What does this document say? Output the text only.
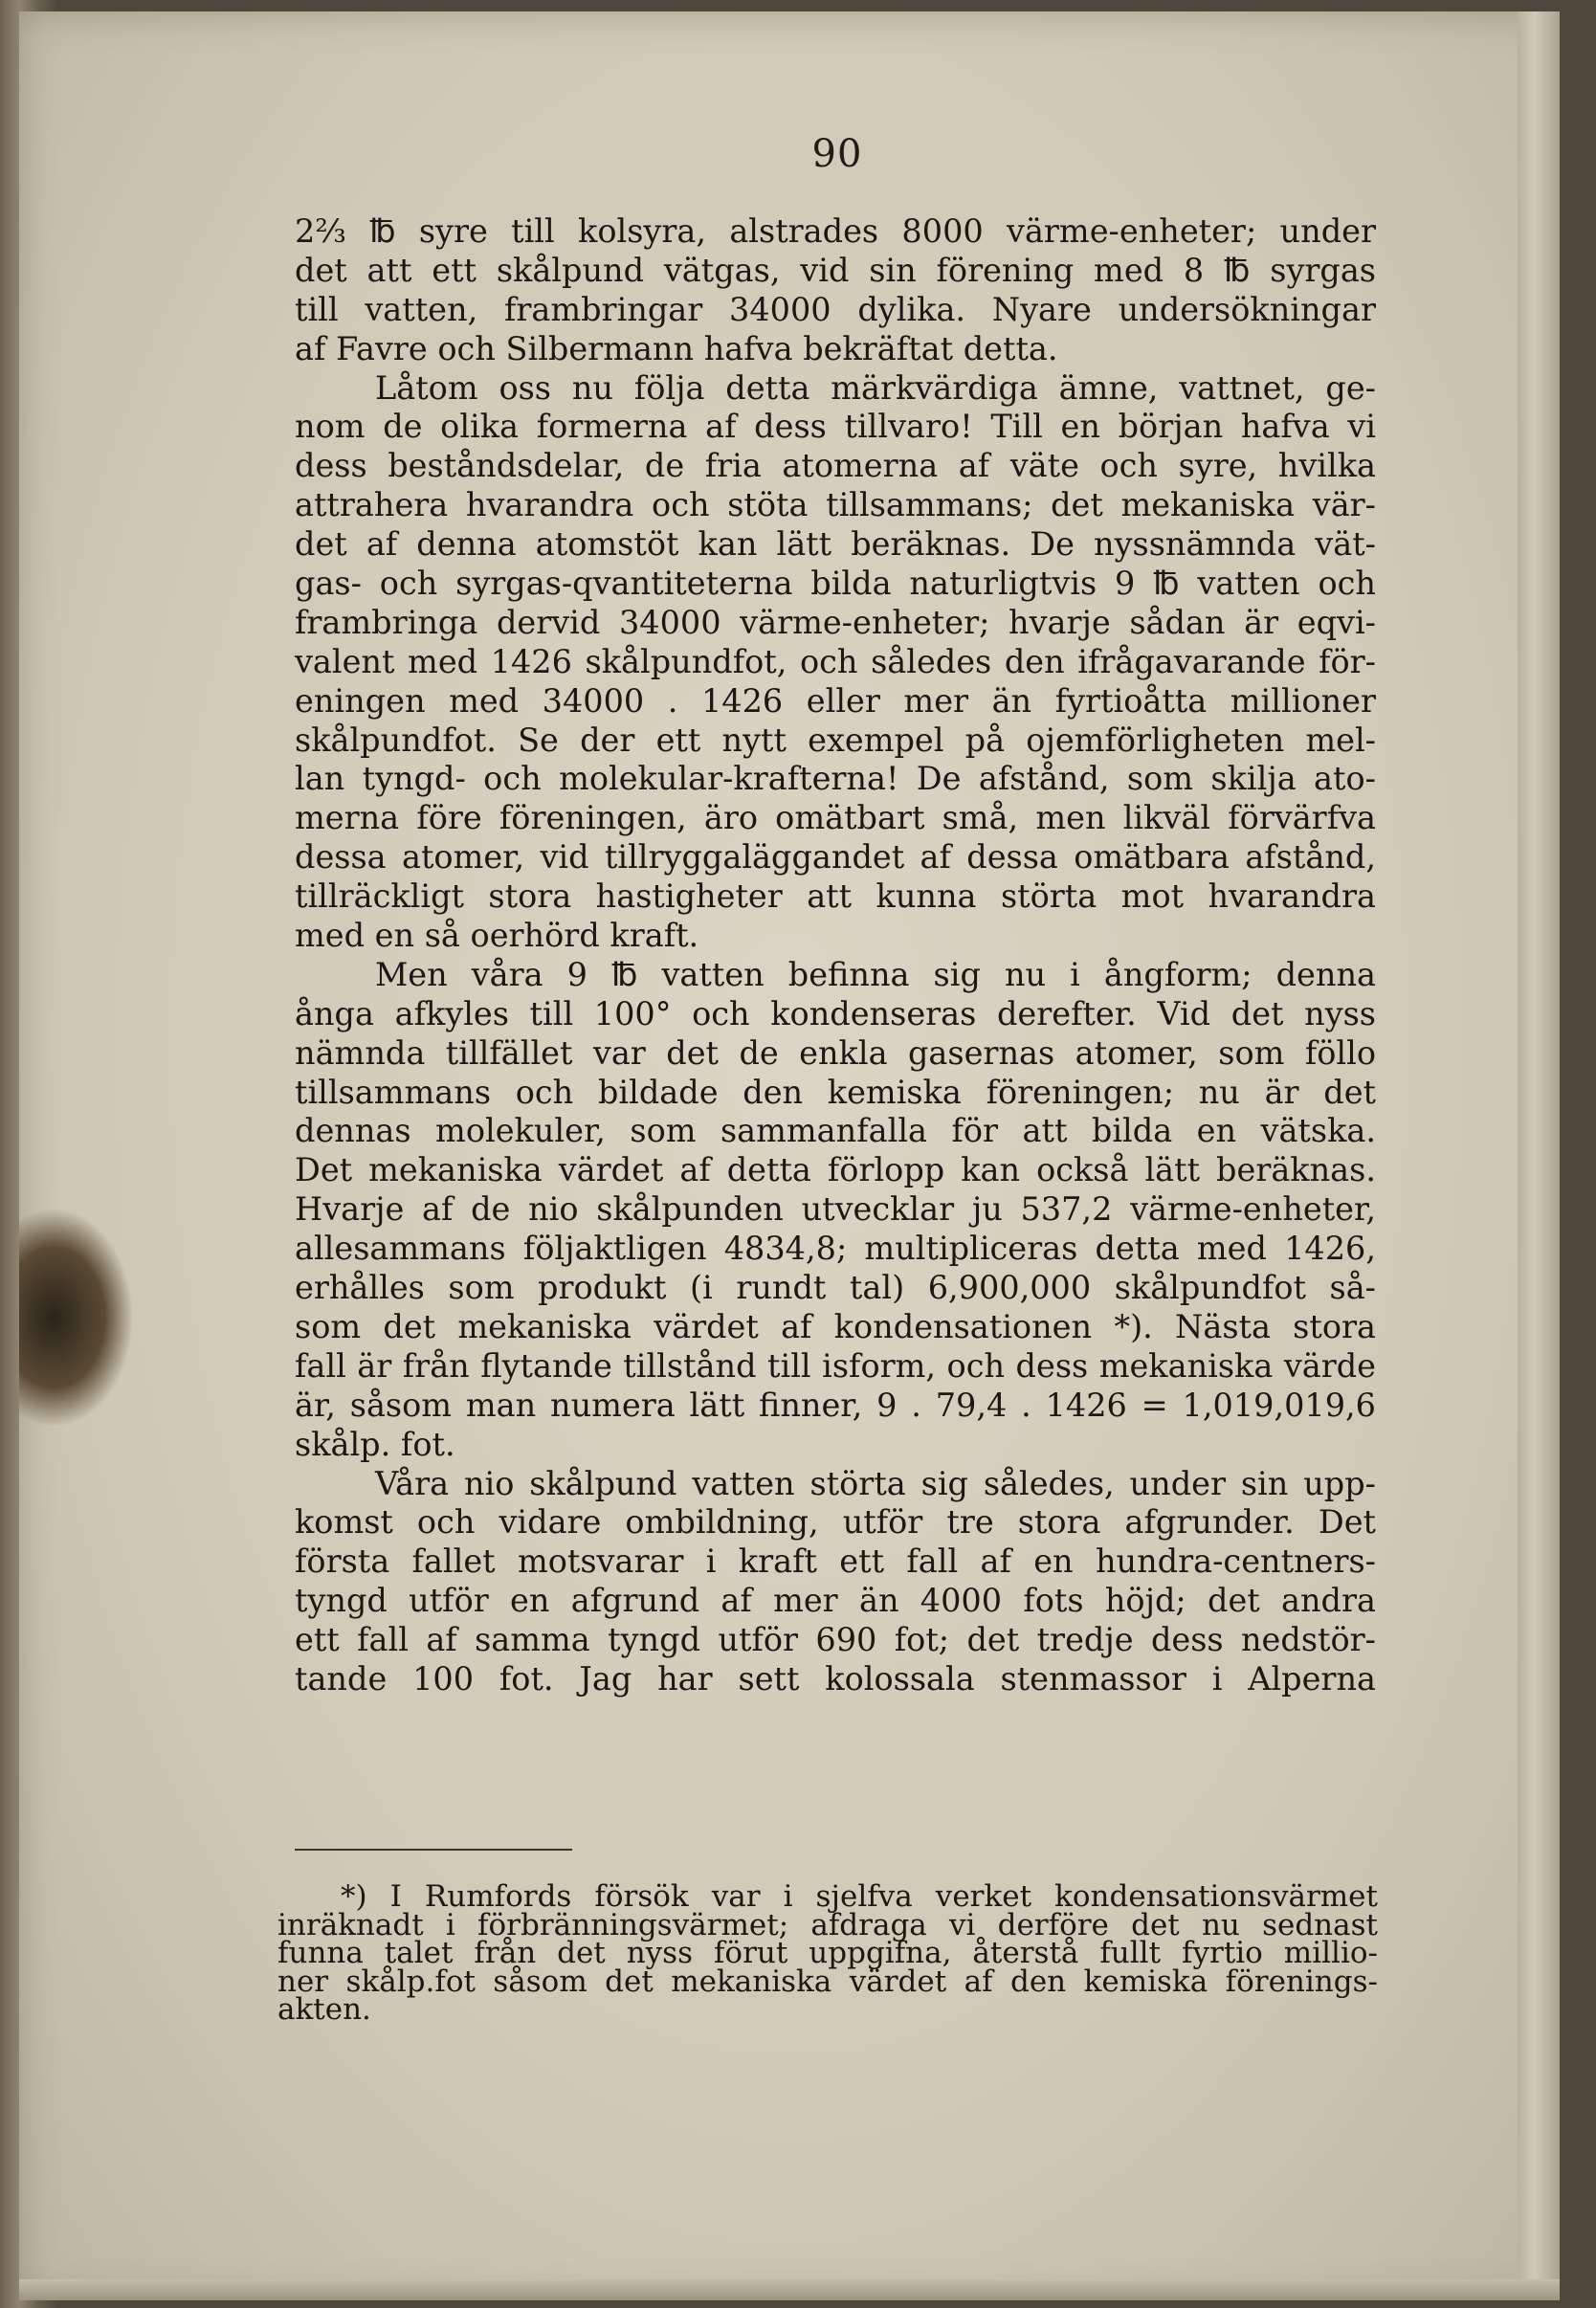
90
2⅔ ℔ syre till kolsyra, alstrades 8000 värme-enheter; under
det att ett skålpund vätgas, vid sin förening med 8 ℔ syrgas
till vatten, frambringar 34000 dylika. Nyare undersökningar
af Favre och Silbermann hafva bekräftat detta.
Låtom oss nu följa detta märkvärdiga ämne, vattnet, ge-
nom de olika formerna af dess tillvaro! Till en början hafva vi
dess beståndsdelar, de fria atomerna af väte och syre, hvilka
attrahera hvarandra och stöta tillsammans; det mekaniska vär-
det af denna atomstöt kan lätt beräknas. De nyssnämnda vät-
gas- och syrgas-qvantiteterna bilda naturligtvis 9 ℔ vatten och
frambringa dervid 34000 värme-enheter; hvarje sådan är eqvi-
valent med 1426 skålpundfot, och således den ifrågavarande för-
eningen med 34000 . 1426 eller mer än fyrtioåtta millioner
skålpundfot. Se der ett nytt exempel på ojemförligheten mel-
lan tyngd- och molekular-krafterna! De afstånd, som skilja ato-
merna före föreningen, äro omätbart små, men likväl förvärfva
dessa atomer, vid tillryggaläggandet af dessa omätbara afstånd,
tillräckligt stora hastigheter att kunna störta mot hvarandra
med en så oerhörd kraft.
Men våra 9 ℔ vatten befinna sig nu i ångform; denna
ånga afkyles till 100° och kondenseras derefter. Vid det nyss
nämnda tillfället var det de enkla gasernas atomer, som föllo
tillsammans och bildade den kemiska föreningen; nu är det
dennas molekuler, som sammanfalla för att bilda en vätska.
Det mekaniska värdet af detta förlopp kan också lätt beräknas.
Hvarje af de nio skålpunden utvecklar ju 537,2 värme-enheter,
allesammans följaktligen 4834,8; multipliceras detta med 1426,
erhålles som produkt (i rundt tal) 6,900,000 skålpundfot så-
som det mekaniska värdet af kondensationen *). Nästa stora
fall är från flytande tillstånd till isform, och dess mekaniska värde
är, såsom man numera lätt finner, 9 . 79,4 . 1426 = 1,019,019,6
skålp. fot.
Våra nio skålpund vatten störta sig således, under sin upp-
komst och vidare ombildning, utför tre stora afgrunder. Det
första fallet motsvarar i kraft ett fall af en hundra-centners-
tyngd utför en afgrund af mer än 4000 fots höjd; det andra
ett fall af samma tyngd utför 690 fot; det tredje dess nedstör-
tande 100 fot. Jag har sett kolossala stenmassor i Alperna
*) I Rumfords försök var i sjelfva verket kondensationsvärmet
inräknadt i förbränningsvärmet; afdraga vi derföre det nu sednast
funna talet från det nyss förut uppgifna, återstå fullt fyrtio millio-
ner skålp.fot såsom det mekaniska värdet af den kemiska förenings-
akten.
